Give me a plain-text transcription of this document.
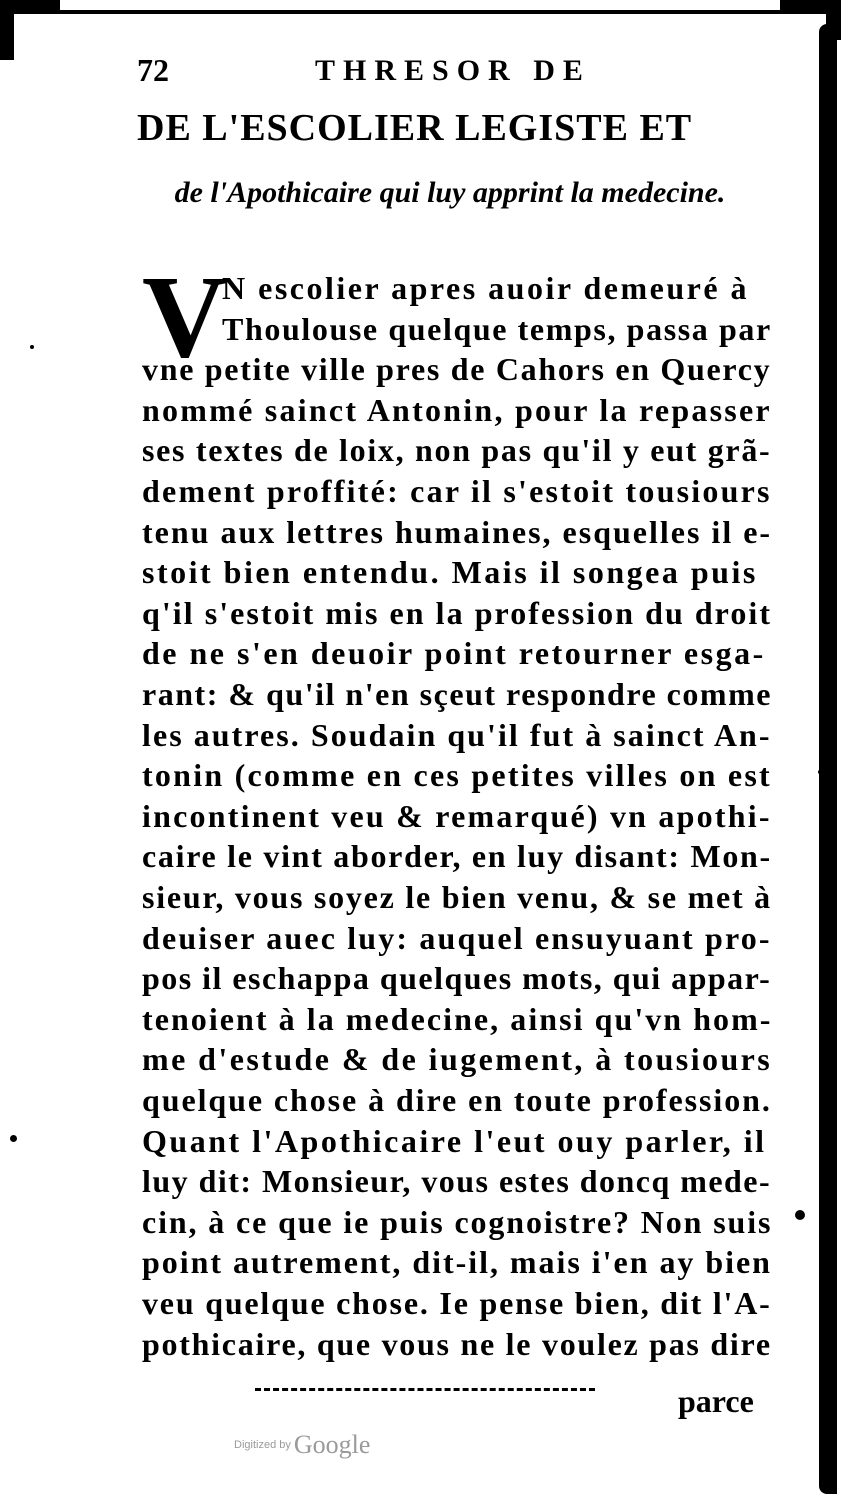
72	THRESOR DE
DE L'ESCOLIER LEGISTE ET
de l'Apothicaire qui luy apprint la medecine.
V
N escolier apres auoir demeuré à
Thoulouse quelque temps, passa par
vne petite ville pres de Cahors en Quercy
nommé sainct Antonin, pour la repasser
ses textes de loix, non pas qu'il y eut grã-
dement proffité: car il s'estoit tousiours
tenu aux lettres humaines, esquelles il e-
stoit bien entendu. Mais il songea puis
q'il s'estoit mis en la profession du droit
de ne s'en deuoir point retourner esga-
rant: & qu'il n'en sçeut respondre comme
les autres. Soudain qu'il fut à sainct An-
tonin (comme en ces petites villes on est
incontinent veu & remarqué) vn apothi-
caire le vint aborder, en luy disant: Mon-
sieur, vous soyez le bien venu, & se met à
deuiser auec luy: auquel ensuyuant pro-
pos il eschappa quelques mots, qui appar-
tenoient à la medecine, ainsi qu'vn hom-
me d'estude & de iugement, à tousiours
quelque chose à dire en toute profession.
Quant l'Apothicaire l'eut ouy parler, il
luy dit: Monsieur, vous estes doncq mede-
cin, à ce que ie puis cognoistre? Non suis
point autrement, dit-il, mais i'en ay bien
veu quelque chose. Ie pense bien, dit l'A-
pothicaire, que vous ne le voulez pas dire
parce
Digitized by Google
